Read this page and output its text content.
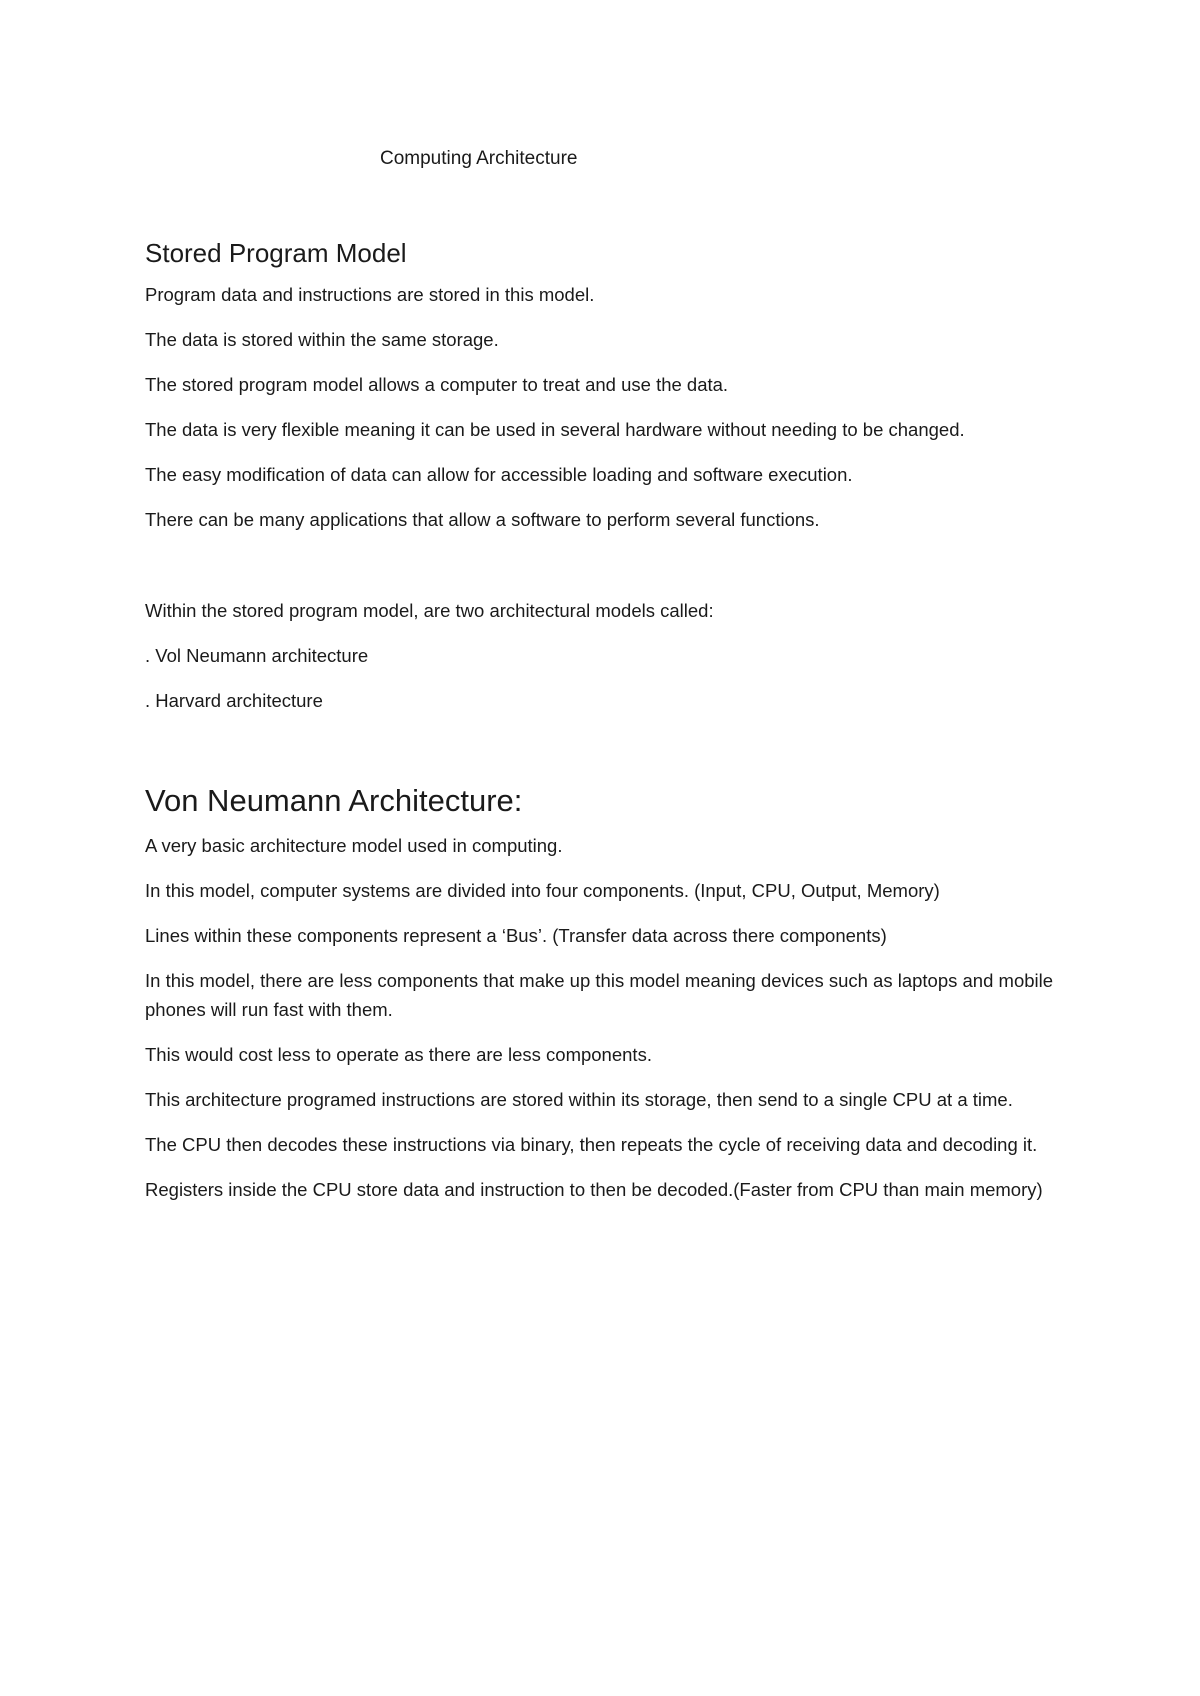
Computing Architecture
Stored Program Model

Program data and instructions are stored in this model.

The data is stored within the same storage.

The stored program model allows a computer to treat and use the data.

The data is very flexible meaning it can be used in several hardware without needing to be changed.

The easy modification of data can allow for accessible loading and software execution.

There can be many applications that allow a software to perform several functions.

Within the stored program model, are two architectural models called:

. Vol Neumann architecture

. Harvard architecture

Von Neumann Architecture:

A very basic architecture model used in computing.

In this model, computer systems are divided into four components. (Input, CPU, Output, Memory)

Lines within these components represent a ‘Bus’. (Transfer data across there components)

In this model, there are less components that make up this model meaning devices such as laptops and mobile phones will run fast with them.

This would cost less to operate as there are less components.

This architecture programed instructions are stored within its storage, then send to a single CPU at a time.

The CPU then decodes these instructions via binary, then repeats the cycle of receiving data and decoding it.

Registers inside the CPU store data and instruction to then be decoded.(Faster from CPU than main memory)
